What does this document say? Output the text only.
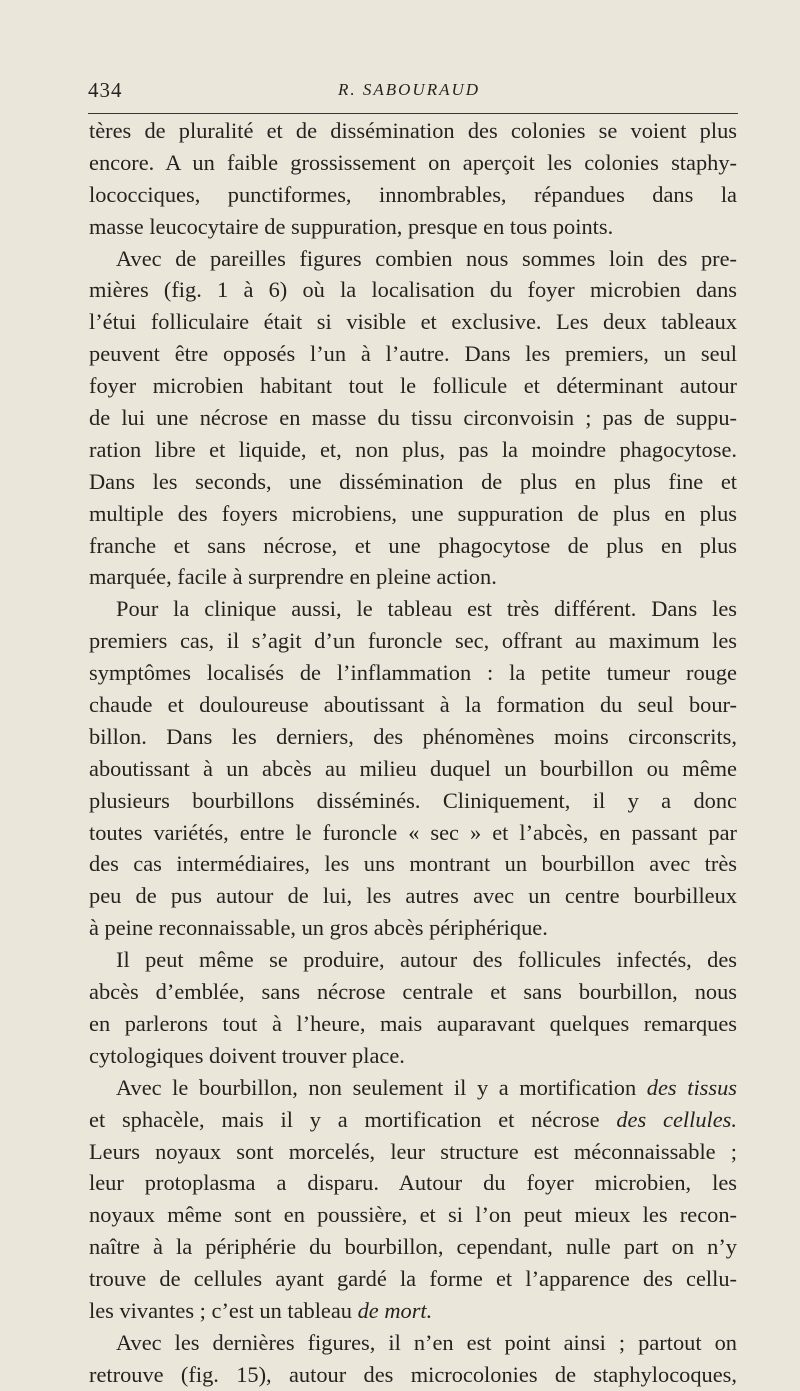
434	R. SABOURAUD
tères de pluralité et de dissémination des colonies se voient plus
encore. A un faible grossissement on aperçoit les colonies staphy-
lococciques, punctiformes, innombrables, répandues dans la
masse leucocytaire de suppuration, presque en tous points.
Avec de pareilles figures combien nous sommes loin des pre-
mières (fig. 1 à 6) où la localisation du foyer microbien dans
l’étui folliculaire était si visible et exclusive. Les deux tableaux
peuvent être opposés l’un à l’autre. Dans les premiers, un seul
foyer microbien habitant tout le follicule et déterminant autour
de lui une nécrose en masse du tissu circonvoisin ; pas de suppu-
ration libre et liquide, et, non plus, pas la moindre phagocytose.
Dans les seconds, une dissémination de plus en plus fine et
multiple des foyers microbiens, une suppuration de plus en plus
franche et sans nécrose, et une phagocytose de plus en plus
marquée, facile à surprendre en pleine action.
Pour la clinique aussi, le tableau est très différent. Dans les
premiers cas, il s’agit d’un furoncle sec, offrant au maximum les
symptômes localisés de l’inflammation : la petite tumeur rouge
chaude et douloureuse aboutissant à la formation du seul bour-
billon. Dans les derniers, des phénomènes moins circonscrits,
aboutissant à un abcès au milieu duquel un bourbillon ou même
plusieurs bourbillons disséminés. Cliniquement, il y a donc
toutes variétés, entre le furoncle « sec » et l’abcès, en passant par
des cas intermédiaires, les uns montrant un bourbillon avec très
peu de pus autour de lui, les autres avec un centre bourbilleux
à peine reconnaissable, un gros abcès périphérique.
Il peut même se produire, autour des follicules infectés, des
abcès d’emblée, sans nécrose centrale et sans bourbillon, nous
en parlerons tout à l’heure, mais auparavant quelques remarques
cytologiques doivent trouver place.
Avec le bourbillon, non seulement il y a mortification des tissus
et sphacèle, mais il y a mortification et nécrose des cellules.
Leurs noyaux sont morcelés, leur structure est méconnaissable ;
leur protoplasma a disparu. Autour du foyer microbien, les
noyaux même sont en poussière, et si l’on peut mieux les recon-
naître à la périphérie du bourbillon, cependant, nulle part on n’y
trouve de cellules ayant gardé la forme et l’apparence des cellu-
les vivantes ; c’est un tableau de mort.
Avec les dernières figures, il n’en est point ainsi ; partout on
retrouve (fig. 15), autour des microcolonies de staphylocoques,
